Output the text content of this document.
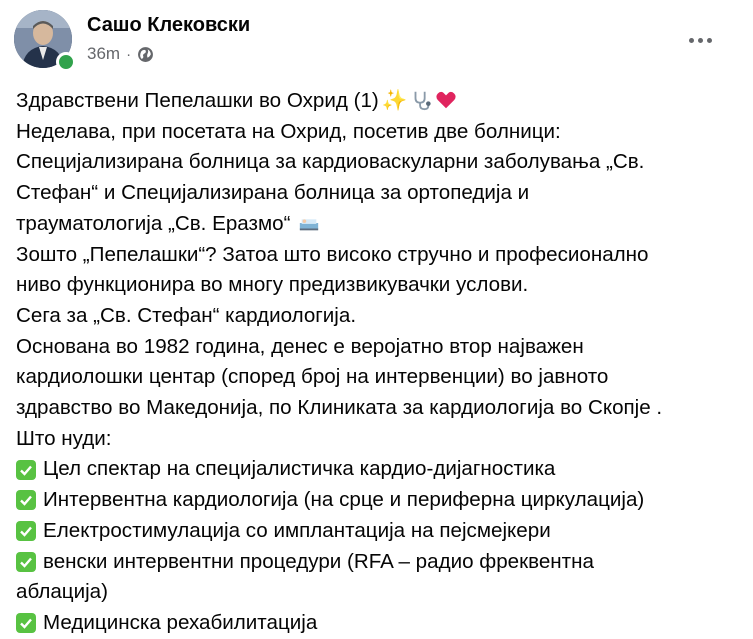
Сашо Клековски
36m ·
Здравствени Пепелашки во Охрид (1) ✨
Неделава, при посетата на Охрид, посетив две болници:
Специјализирана болница за кардиоваскуларни заболувања „Св.
Стефан“ и Специјализирана болница за ортопедија и
трауматологија „Св. Еразмо“
Зошто „Пепелашки“? Затоа што високо стручно и професионално
ниво функционира во многу предизвикувачки услови.
Сега за „Св. Стефан“ кардиологија.
Основана во 1982 година, денес е веројатно втор најважен
кардиолошки центар (според број на интервенции) во јавното
здравство во Македонија, по Клиниката за кардиологија во Скопје .
Што нуди:
Цел спектар на специјалистичка кардио-дијагностика
Интервентна кардиологија (на срце и периферна циркулација)
Електростимулација со имплантација на пејсмејкери
венски интервентни процедури (RFA – радио фреквентна
аблација)
Медицинска рехабилитација
